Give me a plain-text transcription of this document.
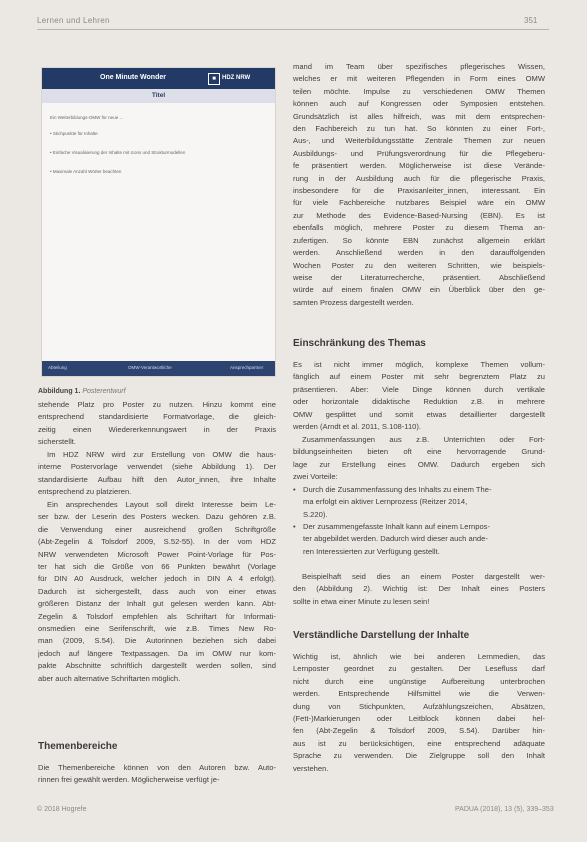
Lernen und Lehren	351
One Minute Wonder	■	HDZ NRW
Titel
Ein Weiterbildungs-OMW für neue ...
• Stichpunkte für Inhalte
• Einfache Visualisierung der Inhalte mit Icons und Strukturmodellen
• Maximale Anzahl Wörter beachten
Abteilung	OMW-Verantwortliche	Ansprechpartner
Abbildung 1. Posterentwurf
stehende Platz pro Poster zu nutzen. Hinzu kommt eine
entsprechend standardisierte Formatvorlage, die gleich-
zeitig einen Wiedererkennungswert in der Praxis
sicherstellt.
Im HDZ NRW wird zur Erstellung von OMW die haus-
interne Postervorlage verwendet (siehe Abbildung 1). Der
standardisierte Aufbau hilft den Autor_innen, ihre Inhalte
entsprechend zu platzieren.
Ein ansprechendes Layout soll direkt Interesse beim Le-
ser bzw. der Leserin des Posters wecken. Dazu gehören z.B.
die Verwendung einer ausreichend großen Schriftgröße
(Abt-Zegelin & Tolsdorf 2009, S.52-55). In der vom HDZ
NRW verwendeten Microsoft Power Point-Vorlage für Pos-
ter hat sich die Größe von 66 Punkten bewährt (Vorlage
für DIN A0 Ausdruck, welcher jedoch in DIN A 4 erfolgt).
Dadurch ist sichergestellt, dass auch von einer etwas
größeren Distanz der Inhalt gut gelesen werden kann. Abt-
Zegelin & Tolsdorf empfehlen als Schriftart für Informati-
onsmedien eine Serifenschrift, wie z.B. Times New Ro-
man (2009, S.54). Die Autorinnen beziehen sich dabei
jedoch auf längere Textpassagen. Da im OMW nur kom-
pakte Abschnitte schriftlich dargestellt werden sollen, sind
aber auch alternative Schriftarten möglich.
Themenbereiche
Die Themenbereiche können von den Autoren bzw. Auto-
rinnen frei gewählt werden. Möglicherweise verfügt je-
mand im Team über spezifisches pflegerisches Wissen,
welches er mit weiteren Pflegenden in Form eines OMW
teilen möchte. Impulse zu verschiedenen OMW Themen
können auch auf Kongressen oder Symposien entstehen.
Grundsätzlich ist alles hilfreich, was mit dem entsprechen-
den Fachbereich zu tun hat. So könnten zu einer Fort-,
Aus-, und Weiterbildungsstätte Zentrale Themen zur neuen
Ausbildungs- und Prüfungsverordnung für die Pflegeberu-
fe präsentiert werden. Möglicherweise ist diese Verände-
rung in der Ausbildung auch für die pflegerische Praxis,
insbesondere für die Praxisanleiter_innen, interessant. Ein
für viele Fachbereiche nutzbares Beispiel wäre ein OMW
zur Methode des Evidence-Based-Nursing (EBN). Es ist
ebenfalls möglich, mehrere Poster zu diesem Thema an-
zufertigen. So könnte EBN zunächst allgemein erklärt
werden. Anschließend werden in den darauffolgenden
Wochen Poster zu den weiteren Schritten, wie beispiels-
weise der Literaturrecherche, präsentiert. Abschließend
würde auf einem finalen OMW ein Überblick über den ge-
samten Prozess dargestellt werden.
Einschränkung des Themas
Es ist nicht immer möglich, komplexe Themen vollum-
fänglich auf einem Poster mit sehr begrenztem Platz zu
präsentieren. Aber: Viele Dinge können durch vertikale
oder horizontale didaktische Reduktion z.B. in mehrere
OMW gesplittet und somit etwas detaillierter dargestellt
werden (Arndt et al. 2011, S.108-110).
Zusammenfassungen aus z.B. Unterrichten oder Fort-
bildungseinheiten bieten oft eine hervorragende Grund-
lage zur Erstellung eines OMW. Dadurch ergeben sich
zwei Vorteile:
• Durch die Zusammenfassung des Inhalts zu einem The-
ma erfolgt ein aktiver Lernprozess (Reitzer 2014,
S.220).
• Der zusammengefasste Inhalt kann auf einem Lernpos-
ter abgebildet werden. Dadurch wird dieser auch ande-
ren Interessierten zur Verfügung gestellt.
Beispielhaft seid dies an einem Poster dargestellt wer-
den (Abbildung 2). Wichtig ist: Der Inhalt eines Posters
sollte in etwa einer Minute zu lesen sein!
Verständliche Darstellung der Inhalte
Wichtig ist, ähnlich wie bei anderen Lernmedien, das
Lernposter geordnet zu gestalten. Der Lesefluss darf
nicht durch eine ungünstige Aufbereitung unterbrochen
werden. Entsprechende Hilfsmittel wie die Verwen-
dung von Stichpunkten, Aufzählungszeichen, Absätzen,
(Fett-)Markierungen oder Leitblock können dabei hel-
fen (Abt-Zegelin & Tolsdorf 2009, S.54). Darüber hin-
aus ist zu berücksichtigen, eine entsprechend adäquate
Sprache zu verwenden. Die Zielgruppe soll den Inhalt
verstehen.
© 2018 Hogrefe	PADUA (2018), 13 (5), 339–353
